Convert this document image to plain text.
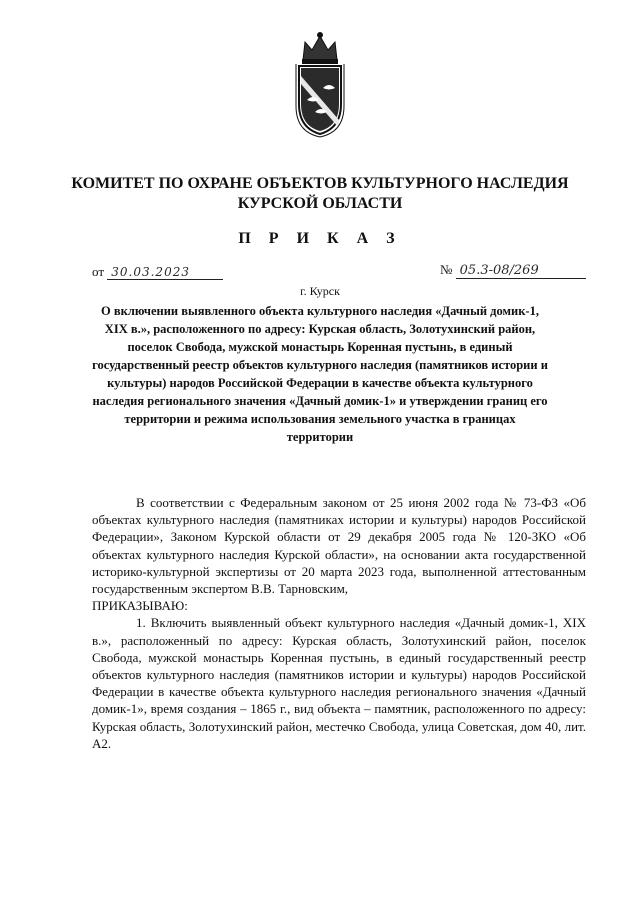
КОМИТЕТ ПО ОХРАНЕ ОБЪЕКТОВ КУЛЬТУРНОГО НАСЛЕДИЯ КУРСКОЙ ОБЛАСТИ
П Р И К А З
от 30.03.2023	№ 05.3-08/269
г. Курск
О включении выявленного объекта культурного наследия «Дачный домик-1, XIX в.», расположенного по адресу: Курская область, Золотухинский район, поселок Свобода, мужской монастырь Коренная пустынь, в единый государственный реестр объектов культурного наследия (памятников истории и культуры) народов Российской Федерации в качестве объекта культурного наследия регионального значения «Дачный домик-1» и утверждении границ его территории и режима использования земельного участка в границах территории

В соответствии с Федеральным законом от 25 июня 2002 года № 73-ФЗ «Об объектах культурного наследия (памятниках истории и культуры) народов Российской Федерации», Законом Курской области от 29 декабря 2005 года № 120-ЗКО «Об объектах культурного наследия Курской области», на основании акта государственной историко-культурной экспертизы от 20 марта 2023 года, выполненной аттестованным государственным экспертом В.В. Тарновским,

ПРИКАЗЫВАЮ:

1. Включить выявленный объект культурного наследия «Дачный домик-1, XIX в.», расположенный по адресу: Курская область, Золотухинский район, поселок Свобода, мужской монастырь Коренная пустынь, в единый государственный реестр объектов культурного наследия (памятников истории и культуры) народов Российской Федерации в качестве объекта культурного наследия регионального значения «Дачный домик-1», время создания – 1865 г., вид объекта – памятник, расположенного по адресу: Курская область, Золотухинский район, местечко Свобода, улица Советская, дом 40, лит. А2.
